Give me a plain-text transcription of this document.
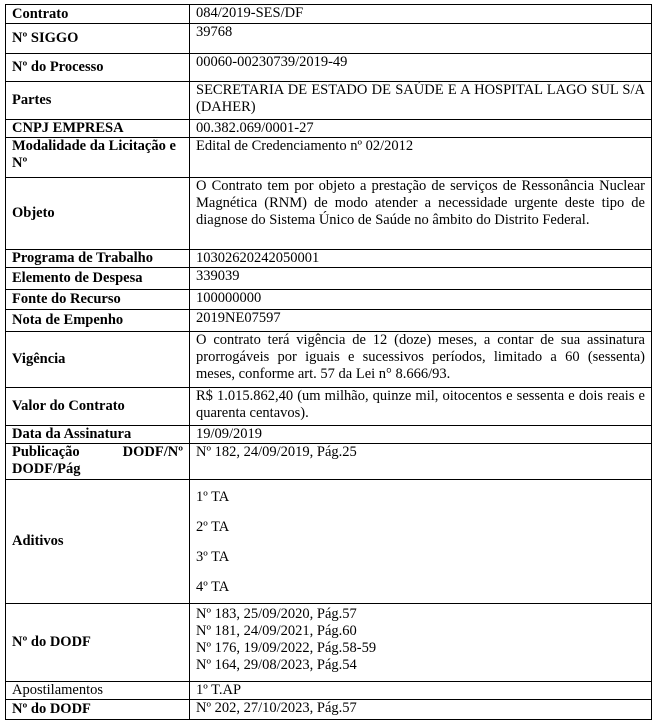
Contrato	084/2019-SES/DF
Nº SIGGO	39768
Nº do Processo	00060-00230739/2019-49
Partes	SECRETARIA DE ESTADO DE SAÚDE E A HOSPITAL LAGO SUL S/A (DAHER)
CNPJ EMPRESA	00.382.069/0001-27
Modalidade da Licitação e Nº	Edital de Credenciamento nº 02/2012
Objeto	O Contrato tem por objeto a prestação de serviços de Ressonância Nuclear Magnética (RNM) de modo atender a necessidade urgente deste tipo de diagnose do Sistema Único de Saúde no âmbito do Distrito Federal.
Programa de Trabalho	10302620242050001
Elemento de Despesa	339039
Fonte do Recurso	100000000
Nota de Empenho	2019NE07597
Vigência	O contrato terá vigência de 12 (doze) meses, a contar de sua assinatura prorrogáveis por iguais e sucessivos períodos, limitado a 60 (sessenta) meses, conforme art. 57 da Lei n° 8.666/93.
Valor do Contrato	R$ 1.015.862,40 (um milhão, quinze mil, oitocentos e sessenta e dois reais e quarenta centavos).
Data da Assinatura	19/09/2019

Publicação DODF/Nº
DODF/Pág	Nº 182, 24/09/2019, Pág.25
Aditivos	1º TA
2º TA
3º TA
4º TA

Nº do DODF	Nº 183, 25/09/2020, Pág.57
Nº 181, 24/09/2021, Pág.60
Nº 176, 19/09/2022, Pág.58-59
Nº 164, 29/08/2023, Pág.54

Apostilamentos	1º T.AP
Nº do DODF	Nº 202, 27/10/2023, Pág.57
